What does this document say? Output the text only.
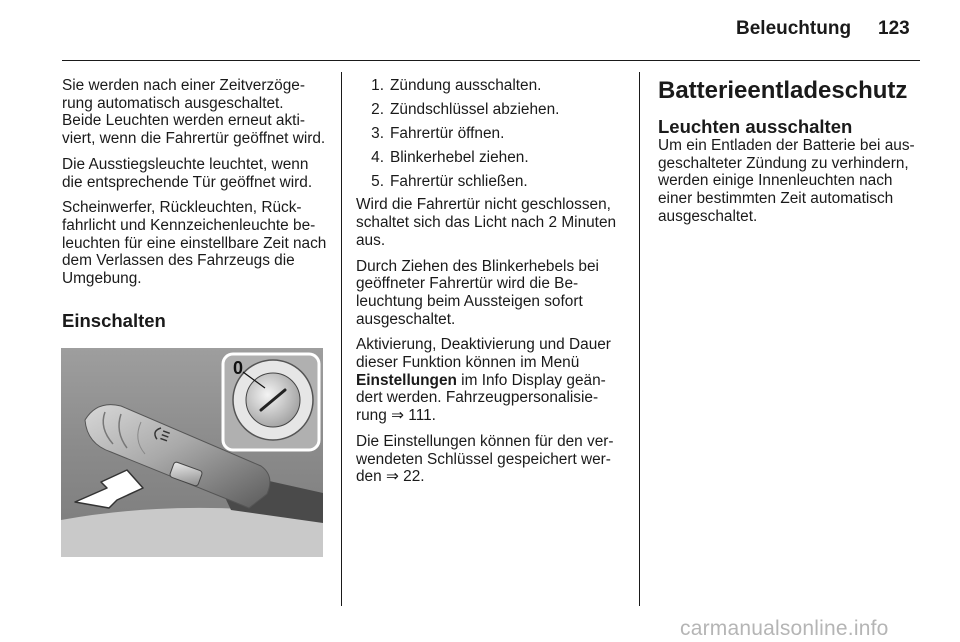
Beleuchtung 123

Sie werden nach einer Zeitverzöge- rung automatisch ausgeschaltet. Beide Leuchten werden erneut akti- viert, wenn die Fahrertür geöffnet wird.

Die Ausstiegsleuchte leuchtet, wenn die entsprechende Tür geöffnet wird.

Scheinwerfer, Rückleuchten, Rück- fahrlicht und Kennzeichenleuchte be- leuchten für eine einstellbare Zeit nach dem Verlassen des Fahrzeugs die Umgebung.

Einschalten
0
1. Zündung ausschalten.
2. Zündschlüssel abziehen.
3. Fahrertür öffnen.
4. Blinkerhebel ziehen.
5. Fahrertür schließen.

Wird die Fahrertür nicht geschlossen, schaltet sich das Licht nach 2 Minuten aus.

Durch Ziehen des Blinkerhebels bei geöffneter Fahrertür wird die Be- leuchtung beim Aussteigen sofort ausgeschaltet.

Aktivierung, Deaktivierung und Dauer dieser Funktion können im Menü Einstellungen im Info Display geän- dert werden. Fahrzeugpersonalisie- rung ⇒ 111.

Die Einstellungen können für den ver- wendeten Schlüssel gespeichert wer- den ⇒ 22.

Batterieentladeschutz
Leuchten ausschalten

Um ein Entladen der Batterie bei aus- geschalteter Zündung zu verhindern, werden einige Innenleuchten nach einer bestimmten Zeit automatisch ausgeschaltet.

carmanualsonline.info
